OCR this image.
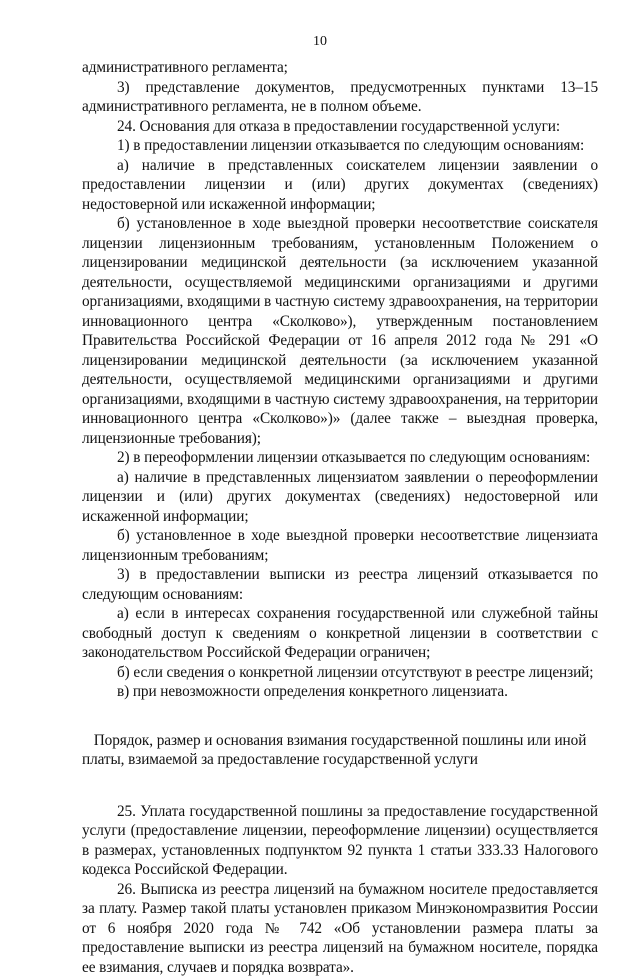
10

административного регламента;

3) представление документов, предусмотренных пунктами 13–15 административного регламента, не в полном объеме.

24. Основания для отказа в предоставлении государственной услуги:

1) в предоставлении лицензии отказывается по следующим основаниям:

а) наличие в представленных соискателем лицензии заявлении о предоставлении лицензии и (или) других документах (сведениях) недостоверной или искаженной информации;

б) установленное в ходе выездной проверки несоответствие соискателя лицензии лицензионным требованиям, установленным Положением о лицензировании медицинской деятельности (за исключением указанной деятельности, осуществляемой медицинскими организациями и другими организациями, входящими в частную систему здравоохранения, на территории инновационного центра «Сколково»), утвержденным постановлением Правительства Российской Федерации от 16 апреля 2012 года № 291 «О лицензировании медицинской деятельности (за исключением указанной деятельности, осуществляемой медицинскими организациями и другими организациями, входящими в частную систему здравоохранения, на территории инновационного центра «Сколково»)» (далее также – выездная проверка, лицензионные требования);

2) в переоформлении лицензии отказывается по следующим основаниям:

а) наличие в представленных лицензиатом заявлении о переоформлении лицензии и (или) других документах (сведениях) недостоверной или искаженной информации;

б) установленное в ходе выездной проверки несоответствие лицензиата лицензионным требованиям;

3) в предоставлении выписки из реестра лицензий отказывается по следующим основаниям:

а) если в интересах сохранения государственной или служебной тайны свободный доступ к сведениям о конкретной лицензии в соответствии с законодательством Российской Федерации ограничен;

б) если сведения о конкретной лицензии отсутствуют в реестре лицензий;

в) при невозможности определения конкретного лицензиата.

Порядок, размер и основания взимания государственной пошлины или иной платы, взимаемой за предоставление государственной услуги

25. Уплата государственной пошлины за предоставление государственной услуги (предоставление лицензии, переоформление лицензии) осуществляется в размерах, установленных подпунктом 92 пункта 1 статьи 333.33 Налогового кодекса Российской Федерации.

26. Выписка из реестра лицензий на бумажном носителе предоставляется за плату. Размер такой платы установлен приказом Минэкономразвития России от 6 ноября 2020 года № 742 «Об установлении размера платы за предоставление выписки из реестра лицензий на бумажном носителе, порядка ее взимания, случаев и порядка возврата».
